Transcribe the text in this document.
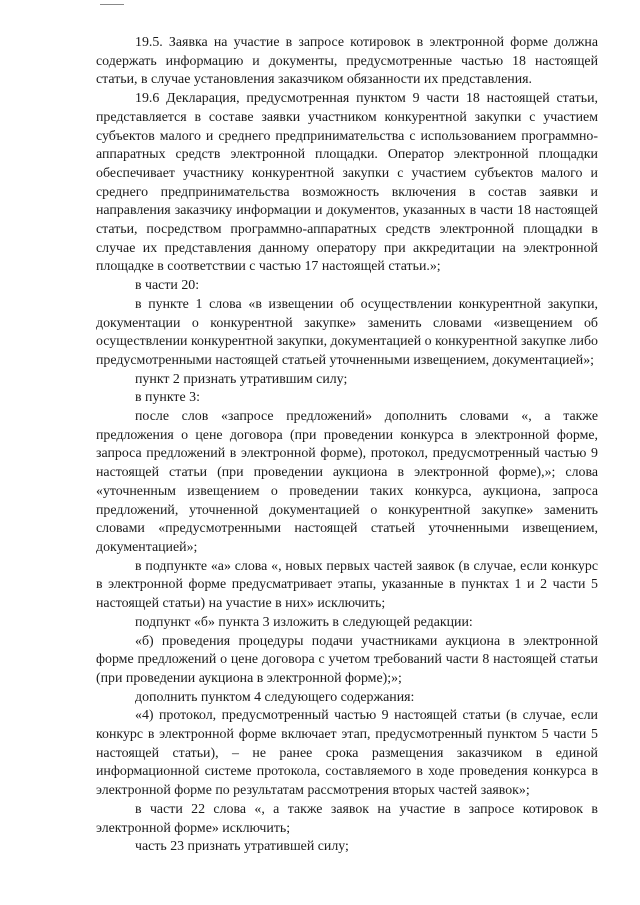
19.5. Заявка на участие в запросе котировок в электронной форме должна содержать информацию и документы, предусмотренные частью 18 настоящей статьи, в случае установления заказчиком обязанности их представления.

19.6 Декларация, предусмотренная пунктом 9 части 18 настоящей статьи, представляется в составе заявки участником конкурентной закупки с участием субъектов малого и среднего предпринимательства с использованием программно-аппаратных средств электронной площадки. Оператор электронной площадки обеспечивает участнику конкурентной закупки с участием субъектов малого и среднего предпринимательства возможность включения в состав заявки и направления заказчику информации и документов, указанных в части 18 настоящей статьи, посредством программно-аппаратных средств электронной площадки в случае их представления данному оператору при аккредитации на электронной площадке в соответствии с частью 17 настоящей статьи.»;

в части 20:

в пункте 1 слова «в извещении об осуществлении конкурентной закупки, документации о конкурентной закупке» заменить словами «извещением об осуществлении конкурентной закупки, документацией о конкурентной закупке либо предусмотренными настоящей статьей уточненными извещением, документацией»;

пункт 2 признать утратившим силу;

в пункте 3:

после слов «запросе предложений» дополнить словами «, а также предложения о цене договора (при проведении конкурса в электронной форме, запроса предложений в электронной форме), протокол, предусмотренный частью 9 настоящей статьи (при проведении аукциона в электронной форме),»; слова «уточненным извещением о проведении таких конкурса, аукциона, запроса предложений, уточненной документацией о конкурентной закупке» заменить словами «предусмотренными настоящей статьей уточненными извещением, документацией»;

в подпункте «а» слова «, новых первых частей заявок (в случае, если конкурс в электронной форме предусматривает этапы, указанные в пунктах 1 и 2 части 5 настоящей статьи) на участие в них» исключить;

подпункт «б» пункта 3 изложить в следующей редакции:

«б) проведения процедуры подачи участниками аукциона в электронной форме предложений о цене договора с учетом требований части 8 настоящей статьи (при проведении аукциона в электронной форме);»;

дополнить пунктом 4 следующего содержания:

«4) протокол, предусмотренный частью 9 настоящей статьи (в случае, если конкурс в электронной форме включает этап, предусмотренный пунктом 5 части 5 настоящей статьи), – не ранее срока размещения заказчиком в единой информационной системе протокола, составляемого в ходе проведения конкурса в электронной форме по результатам рассмотрения вторых частей заявок»;

в части 22 слова «, а также заявок на участие в запросе котировок в электронной форме» исключить;

часть 23 признать утратившей силу;
